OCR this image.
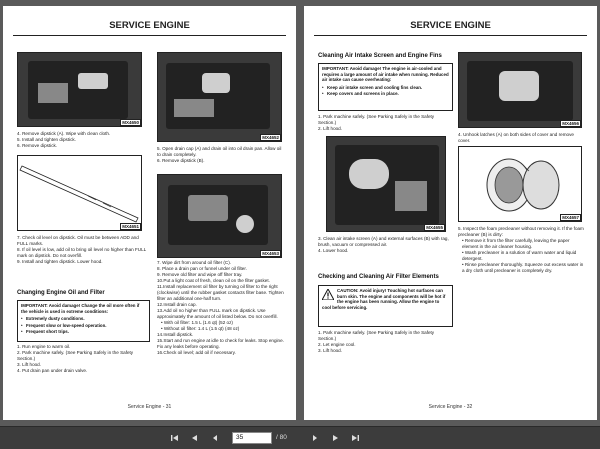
SERVICE ENGINE
MX4650
4. Remove dipstick (A). Wipe with clean cloth.
5. Install and tighten dipstick.
6. Remove dipstick.
MX4651
7. Check oil level on dipstick. Oil must be between ADD and FULL marks.
8. If oil level is low, add oil to bring oil level no higher than FULL mark on dipstick. Do not overfill.
9. Install and tighten dipstick. Lower hood.
Changing Engine Oil and Filter
IMPORTANT: Avoid damage! Change the oil more often if the vehicle is used in extreme conditions:
• Extremely dusty conditions.
• Frequent slow or low-speed operation.
• Frequent short trips.
1. Run engine to warm oil.
2. Park machine safely. (See Parking Safely in the Safety Section.)
3. Lift hood.
4. Put drain pan under drain valve.
MX4652
5. Open drain cap (A) and drain oil into oil drain pan. Allow oil to drain completely.
6. Remove dipstick (B).
MX4653
7. Wipe dirt from around oil filter (C).
8. Place a drain pan or funnel under oil filter.
9. Remove old filter and wipe off filter tray.
10.Put a light coat of fresh, clean oil on the filter gasket.
11.Install replacement oil filter by turning oil filter to the right (clockwise) until the rubber gasket contacts filter base. Tighten filter an additional one-half turn.
12.Install drain cap.
13.Add oil no higher than FULL mark on dipstick. Use approximately the amount of oil listed below. Do not overfill.
• With oil filter: 1.5 L (1.6 qt) (52 oz)
• Without oil filter: 1.4 L (1.5 qt) (48 oz)
14.Install dipstick.
15.Start and run engine at idle to check for leaks. Stop engine. Fix any leaks before operating.
16.Check oil level; add oil if necessary.
Service Engine - 31
SERVICE ENGINE
Cleaning Air Intake Screen and Engine Fins
IMPORTANT: Avoid damage! The engine is air-cooled and requires a large amount of air intake when running. Reduced air intake can cause overheating:
• Keep air intake screen and cooling fins clean.
• Keep covers and screens in place.
1. Park machine safely. (See Parking Safely in the Safety Section.)
2. Lift hood.
MX4655
3. Clean air intake screen (A) and external surfaces (B) with rag, brush, vacuum or compressed air.
4. Lower hood.
Checking and Cleaning Air Filter Elements
CAUTION: Avoid injury! Touching hot surfaces can burn skin. The engine and components will be hot if the engine has been running. Allow the engine to cool before servicing.
1. Park machine safely. (See Parking Safely in the Safety Section.)
2. Let engine cool.
3. Lift hood.
MX4656
4. Unhook latches (A) on both sides of cover and remove cover.
MX4657
5. Inspect the foam precleaner without removing it. If the foam precleaner (B) is dirty:
• Remove it from the filter carefully, leaving the paper element in the air cleaner housing.
• Wash precleaner in a solution of warm water and liquid detergent.
• Rinse precleaner thoroughly. Squeeze out excess water in a dry cloth until precleaner is completely dry.
Service Engine - 32
35	/ 80
